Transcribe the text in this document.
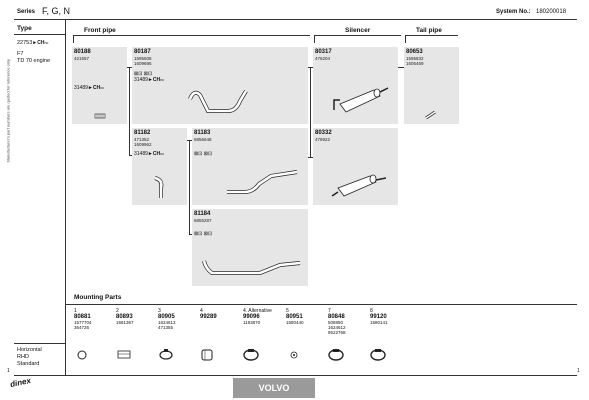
Series F, G, N	System No.: 180200018
Manufacturer's part numbers are quoted for reference only
Type
22753►CHno
F7
TD 70 engine
Horizontal
RHD
Standard
Front pipe	Silencer	Tail pipe
80188
421557
31489►CHno
80187
1595508
1609695
⊠⊡ ⊠⊡
31489►CHno
80317
476204
80653
1595832
1605469
81182
471352
1609962
31489►CHno
81183
6856648
⊠⊡ ⊠⊡
80332
476922
81184
6855287
⊠⊡ ⊠⊡
Mounting Parts
1
80881
1577704
364726
2
80893
1581367
3
80905
1624613
471355
4
99289
4. Alternative
99096
1193870
5
80951
1580440
7
80848
508850
1624612
9522768
8
99120
1580141
1	1
dinex	VOLVO
